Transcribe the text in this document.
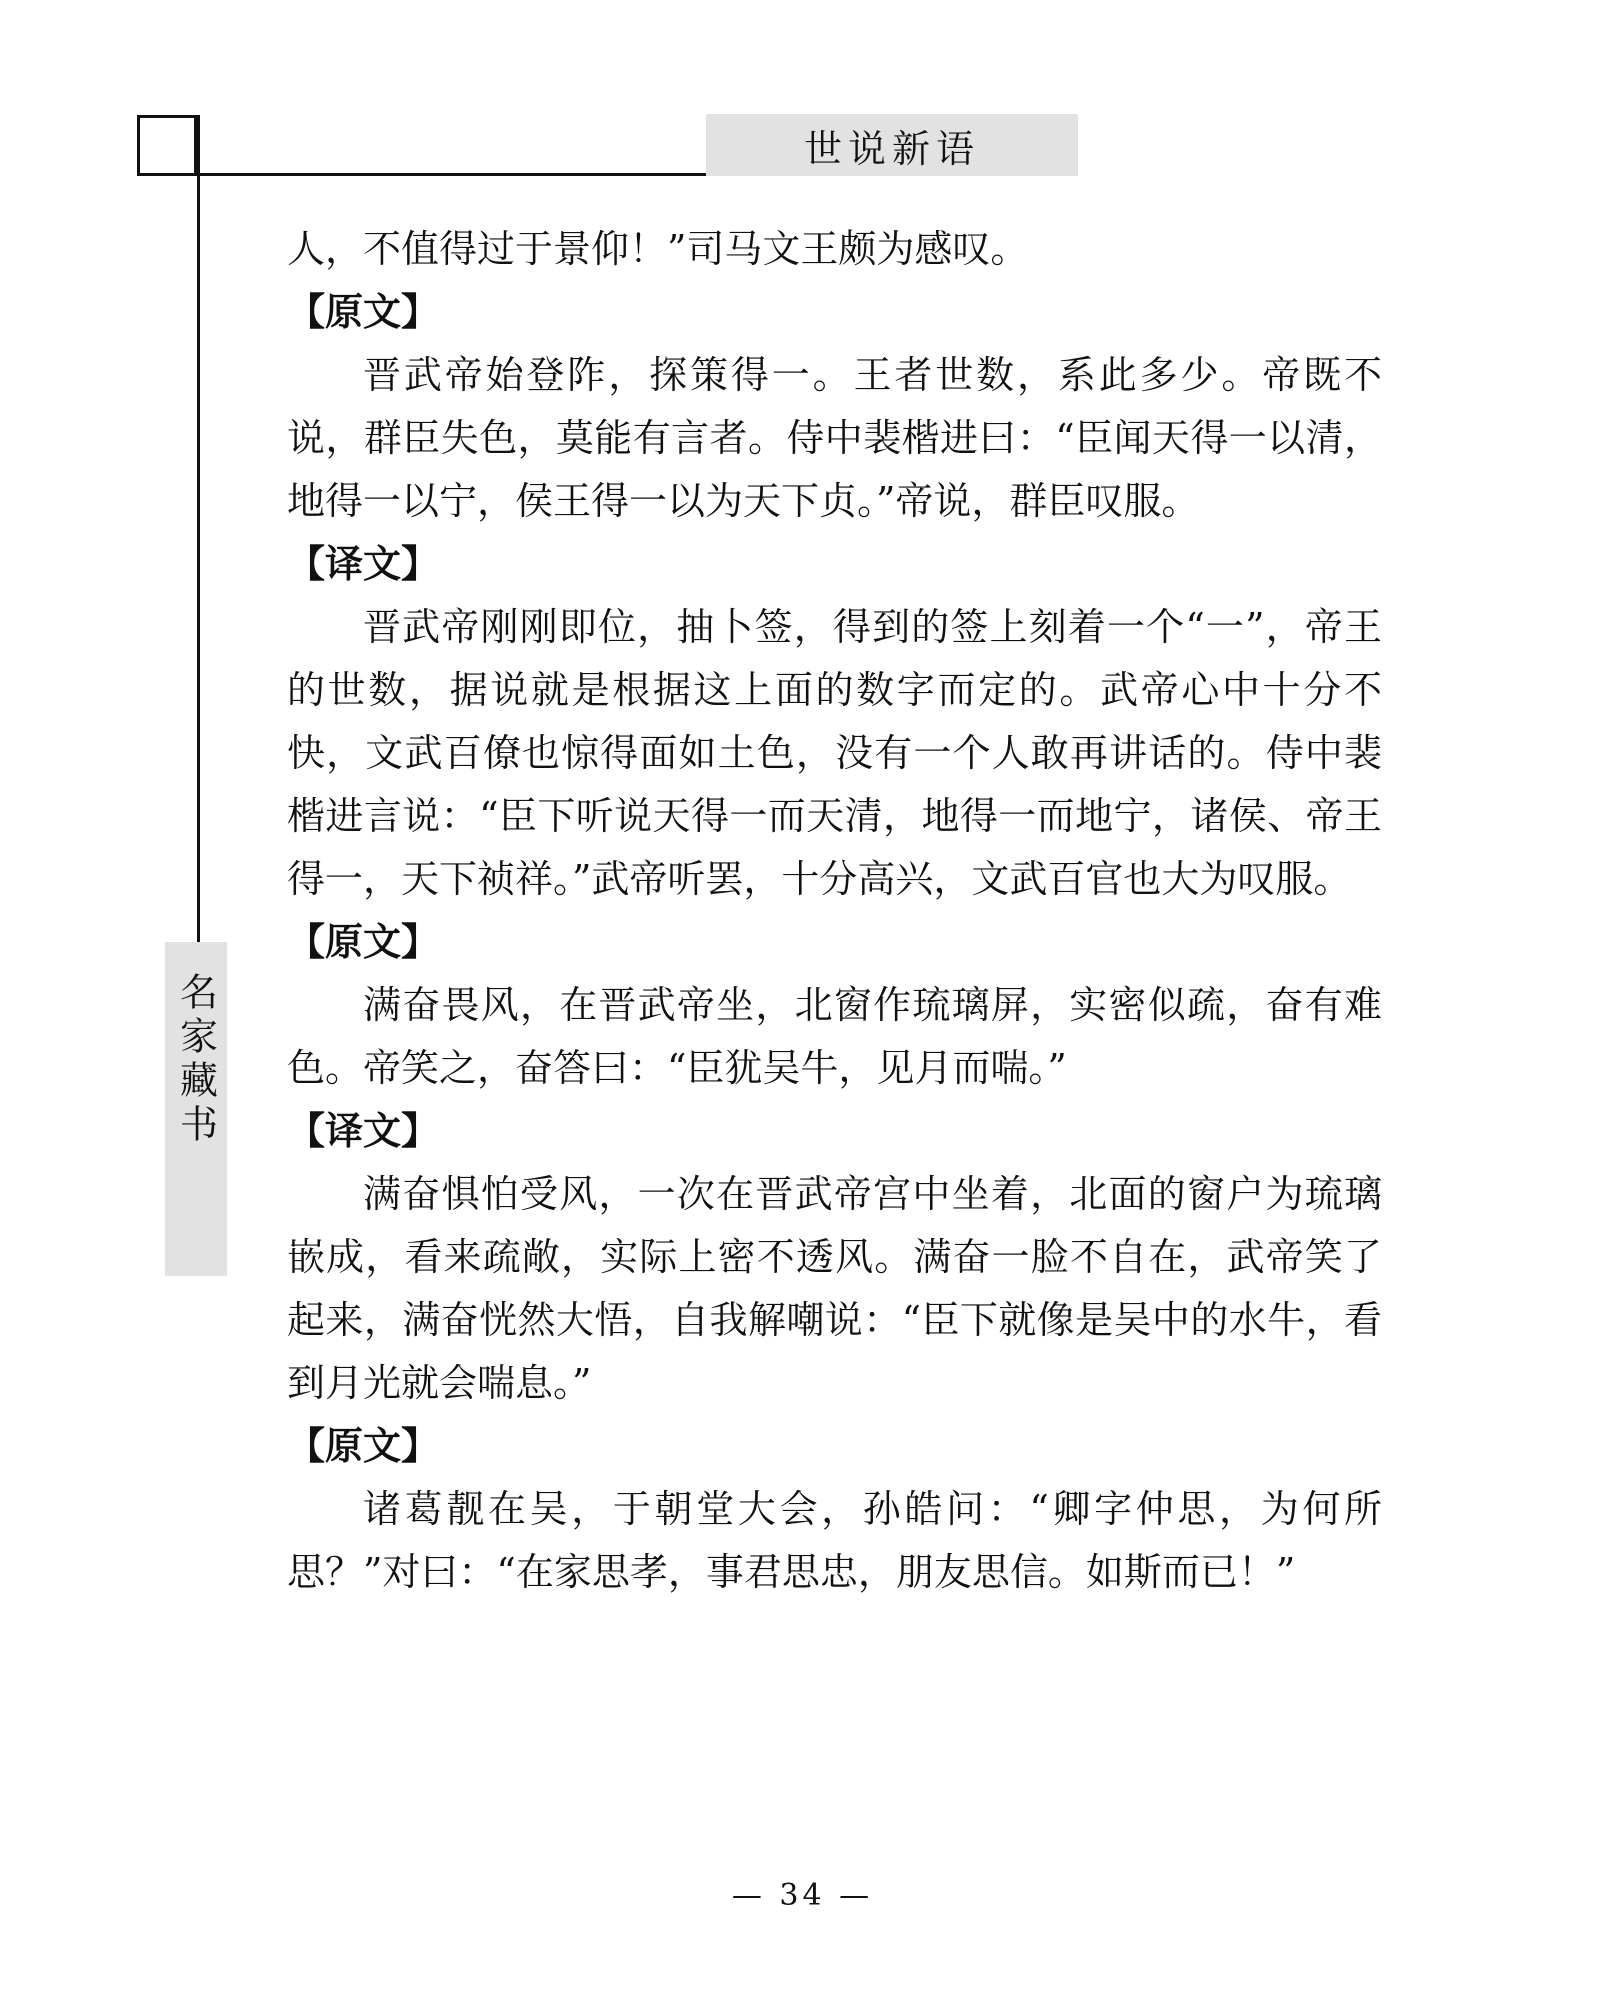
世说新语
名家藏书

人，不值得过于景仰！”司马文王颇为感叹。

【原文】

晋武帝始登阼，探策得一。王者世数，系此多少。帝既不说，群臣失色，莫能有言者。侍中裴楷进曰：“臣闻天得一以清，地得一以宁，侯王得一以为天下贞。”帝说，群臣叹服。

【译文】

晋武帝刚刚即位，抽卜签，得到的签上刻着一个“一”，帝王的世数，据说就是根据这上面的数字而定的。武帝心中十分不快，文武百僚也惊得面如土色，没有一个人敢再讲话的。侍中裴楷进言说：“臣下听说天得一而天清，地得一而地宁，诸侯、帝王得一，天下祯祥。”武帝听罢，十分高兴，文武百官也大为叹服。

【原文】

满奋畏风，在晋武帝坐，北窗作琉璃屏，实密似疏，奋有难色。帝笑之，奋答曰：“臣犹吴牛，见月而喘。”

【译文】

满奋惧怕受风，一次在晋武帝宫中坐着，北面的窗户为琉璃嵌成，看来疏敞，实际上密不透风。满奋一脸不自在，武帝笑了起来，满奋恍然大悟，自我解嘲说：“臣下就像是吴中的水牛，看到月光就会喘息。”

【原文】

诸葛靓在吴，于朝堂大会，孙皓问：“卿字仲思，为何所思？”对曰：“在家思孝，事君思忠，朋友思信。如斯而已！”

— 34 —
